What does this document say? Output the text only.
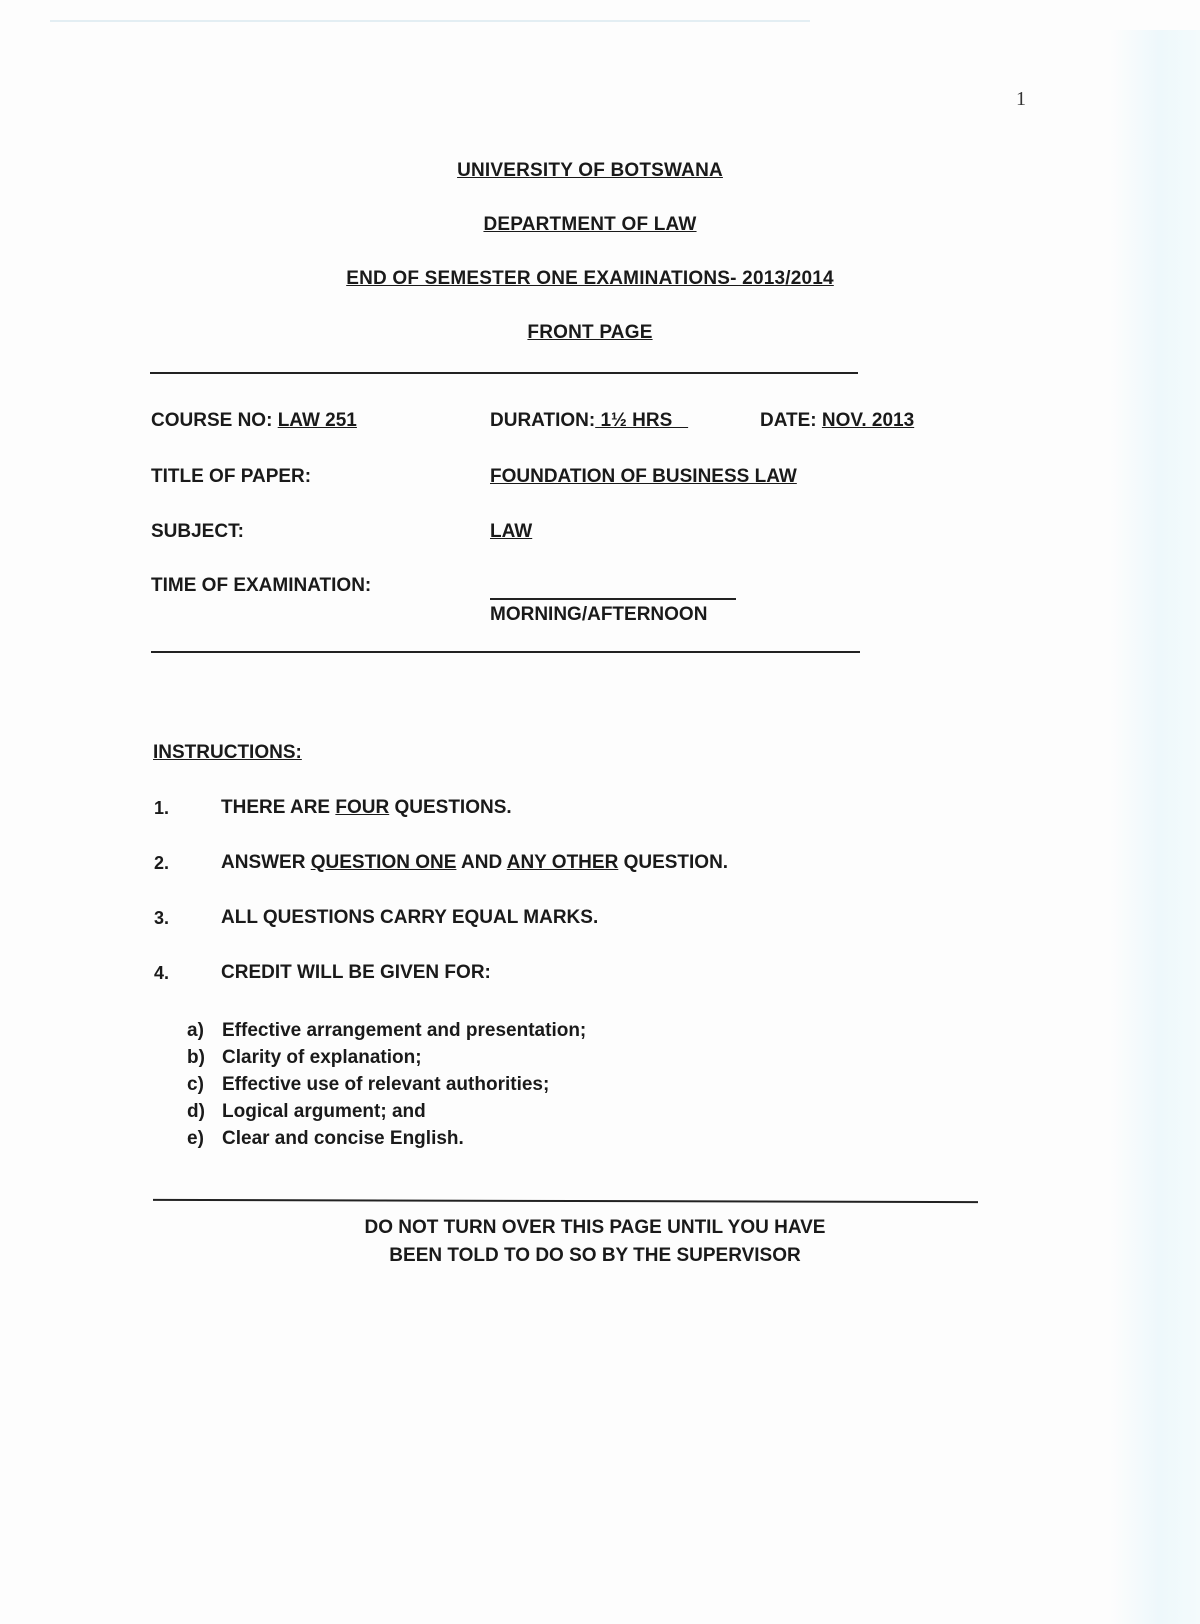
1
UNIVERSITY OF BOTSWANA
DEPARTMENT OF LAW
END OF SEMESTER ONE EXAMINATIONS- 2013/2014
FRONT PAGE
COURSE NO: LAW 251	DURATION: 1½ HRS	DATE: NOV. 2013
TITLE OF PAPER:	FOUNDATION OF BUSINESS LAW
SUBJECT:	LAW
TIME OF EXAMINATION:
MORNING/AFTERNOON
INSTRUCTIONS:
1.	THERE ARE FOUR QUESTIONS.
2.	ANSWER QUESTION ONE AND ANY OTHER QUESTION.
3.	ALL QUESTIONS CARRY EQUAL MARKS.
4.	CREDIT WILL BE GIVEN FOR:
a) Effective arrangement and presentation;
b) Clarity of explanation;
c) Effective use of relevant authorities;
d) Logical argument; and
e) Clear and concise English.
DO NOT TURN OVER THIS PAGE UNTIL YOU HAVE
BEEN TOLD TO DO SO BY THE SUPERVISOR
